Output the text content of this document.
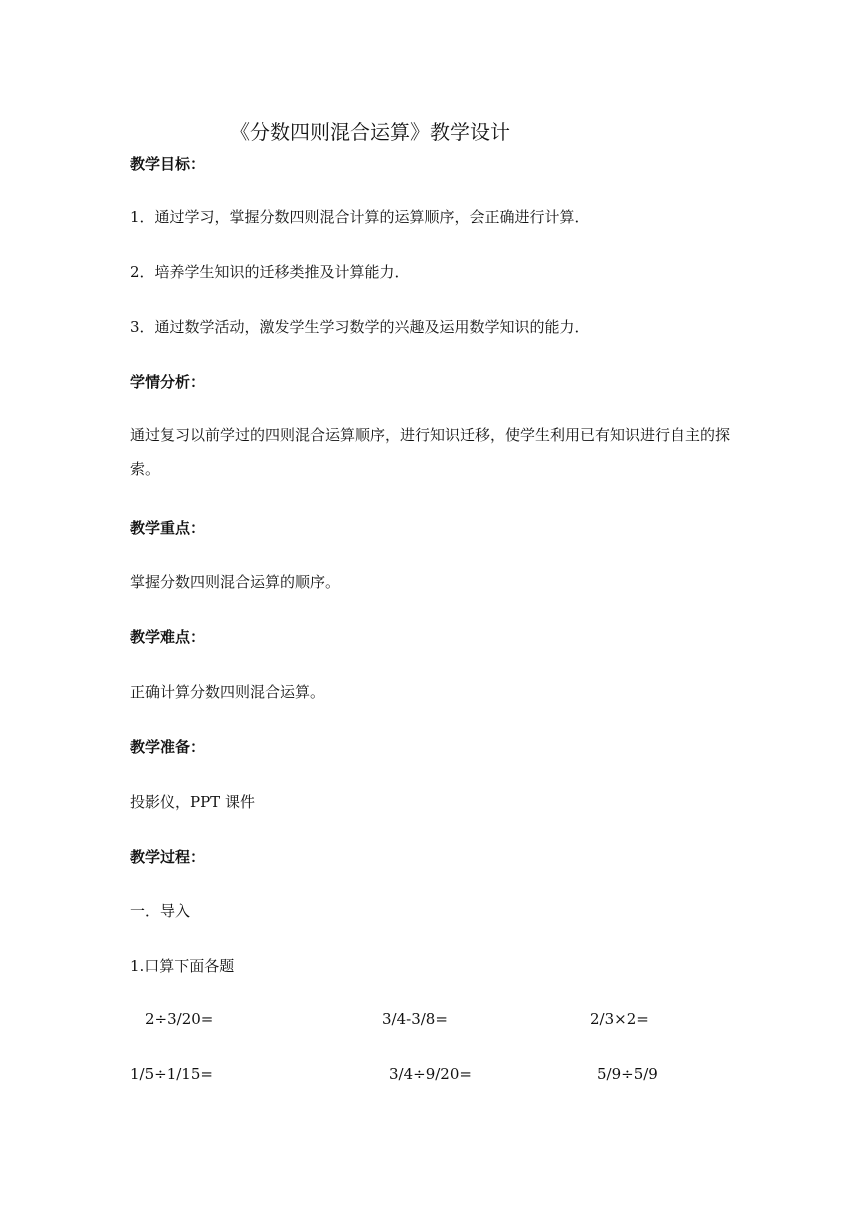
《分数四则混合运算》教学设计
教学目标：
1．通过学习，掌握分数四则混合计算的运算顺序，会正确进行计算．
2．培养学生知识的迁移类推及计算能力．
3．通过数学活动，激发学生学习数学的兴趣及运用数学知识的能力．
学情分析：
通过复习以前学过的四则混合运算顺序，进行知识迁移，使学生利用已有知识进行自主的探索。
教学重点：
掌握分数四则混合运算的顺序。
教学难点：
正确计算分数四则混合运算。
教学准备：
投影仪，PPT 课件
教学过程：
一．导入
1.口算下面各题
2÷3/20=	3/4-3/8=	2/3×2=
1/5÷1/15=	3/4÷9/20=	5/9÷5/9
